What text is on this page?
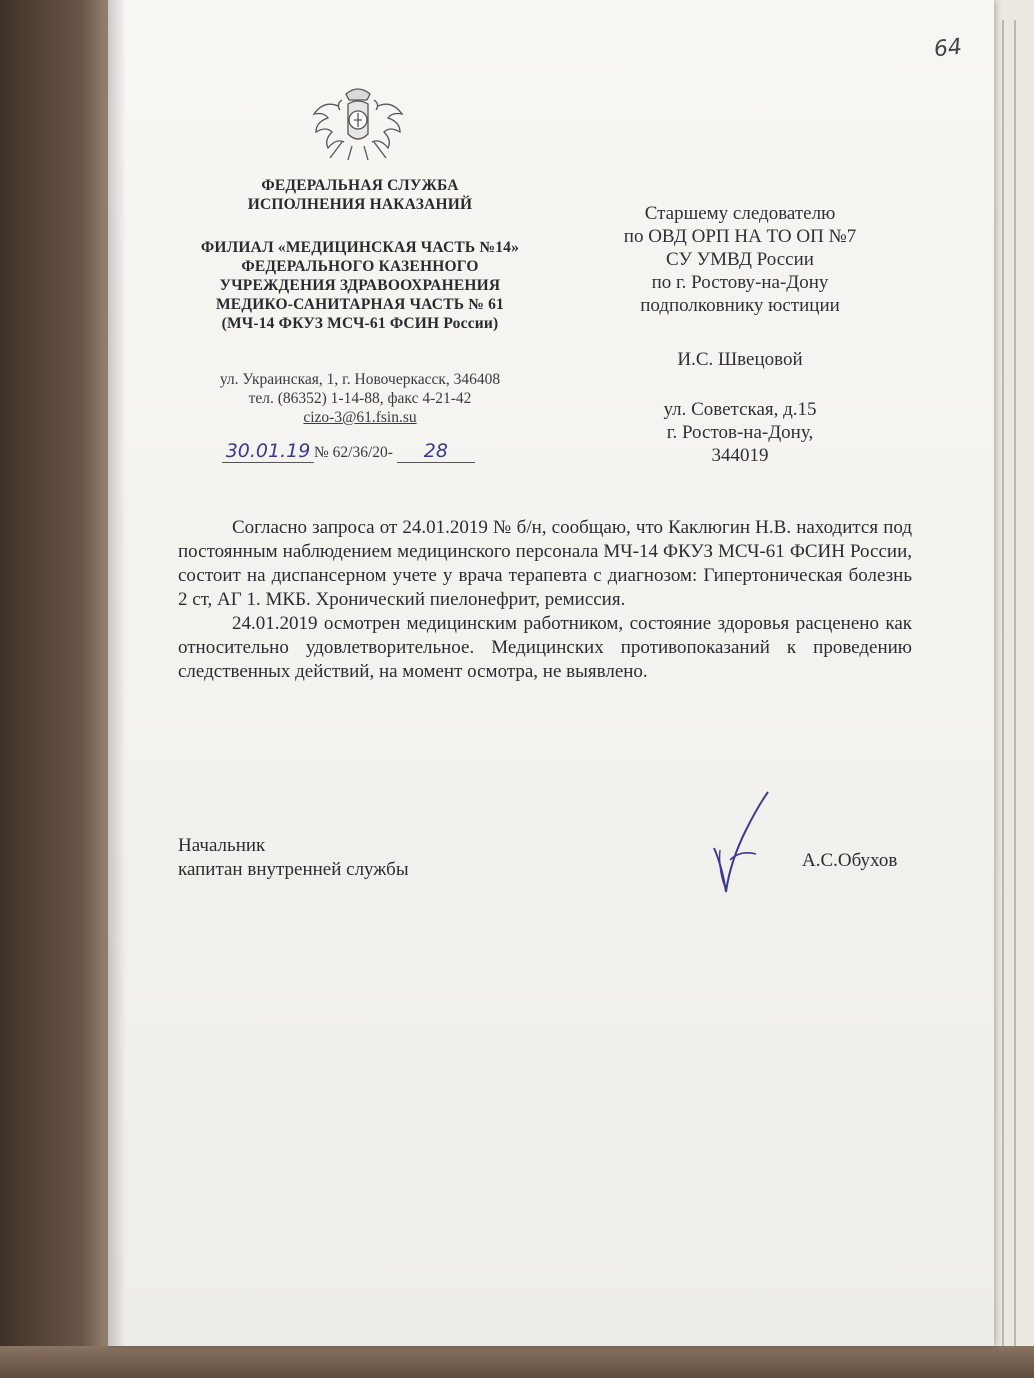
64
ФЕДЕРАЛЬНАЯ СЛУЖБА
ИСПОЛНЕНИЯ НАКАЗАНИЙ
ФИЛИАЛ «МЕДИЦИНСКАЯ ЧАСТЬ №14»
ФЕДЕРАЛЬНОГО КАЗЕННОГО
УЧРЕЖДЕНИЯ ЗДРАВООХРАНЕНИЯ
МЕДИКО-САНИТАРНАЯ ЧАСТЬ № 61
(МЧ-14 ФКУЗ МСЧ-61 ФСИН России)
ул. Украинская, 1, г. Новочеркасск, 346408
тел. (86352) 1-14-88, факс 4-21-42
cizo-3@61.fsin.su
30.01.19 № 62/36/20- 28
Старшему следователю
по ОВД ОРП НА ТО ОП №7
СУ УМВД России
по г. Ростову-на-Дону
подполковнику юстиции
И.С. Швецовой
ул. Советская, д.15
г. Ростов-на-Дону,
344019

Согласно запроса от 24.01.2019 № б/н, сообщаю, что Каклюгин Н.В. находится под постоянным наблюдением медицинского персонала МЧ-14 ФКУЗ МСЧ-61 ФСИН России, состоит на диспансерном учете у врача терапевта с диагнозом: Гипертоническая болезнь 2 ст, АГ 1. МКБ. Хронический пиелонефрит, ремиссия.

24.01.2019 осмотрен медицинским работником, состояние здоровья расценено как относительно удовлетворительное. Медицинских противопоказаний к проведению следственных действий, на момент осмотра, не выявлено.

Начальник
капитан внутренней службы	А.С.Обухов
